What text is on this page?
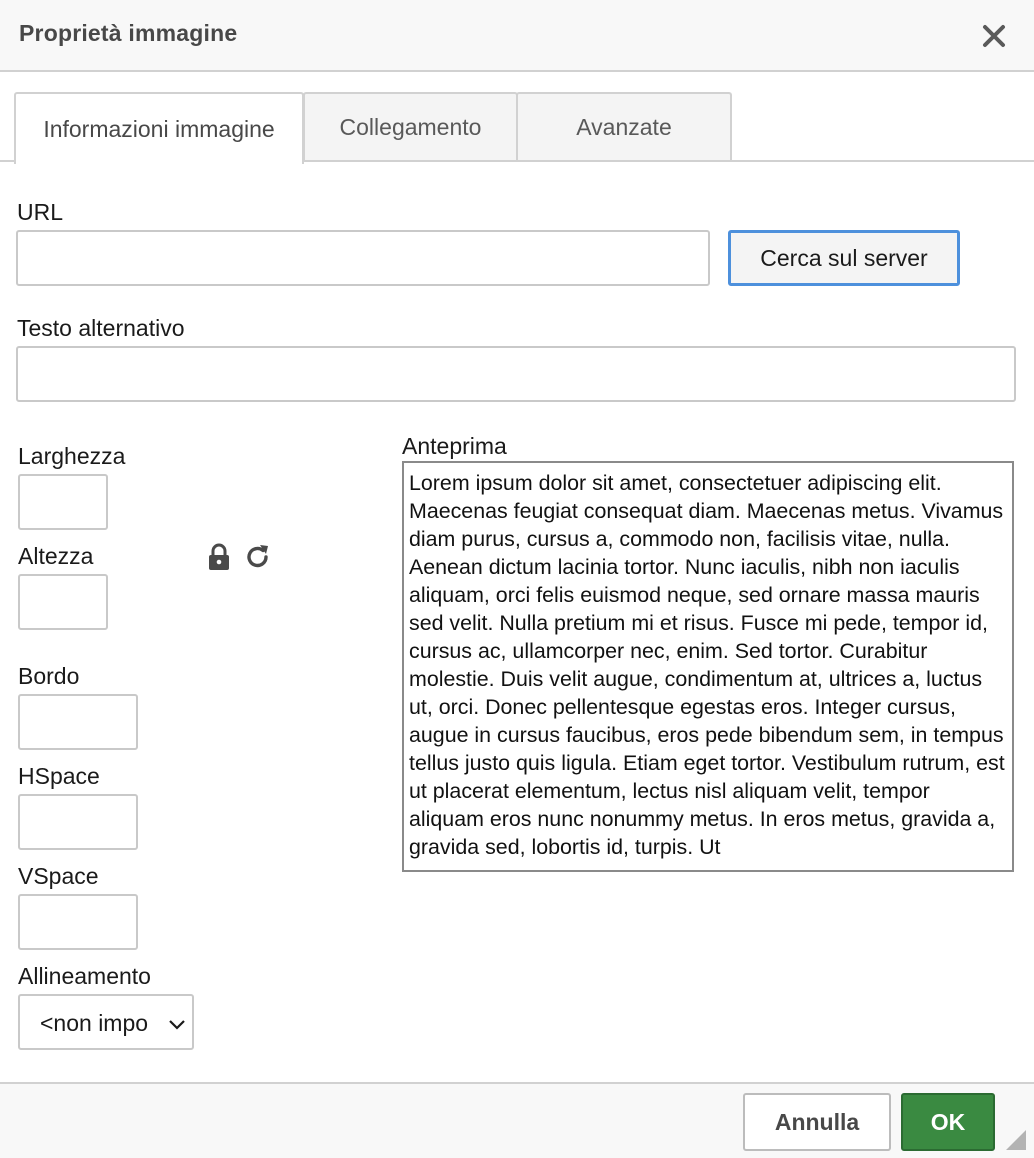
Proprietà immagine
Informazioni immagine	Collegamento	Avanzate
URL
Cerca sul server
Testo alternativo
Larghezza
Altezza
Bordo
HSpace
VSpace
Allineamento
<non impo
Anteprima
Lorem ipsum dolor sit amet, consectetuer adipiscing elit. Maecenas feugiat consequat diam. Maecenas metus. Vivamus diam purus, cursus a, commodo non, facilisis vitae, nulla. Aenean dictum lacinia tortor. Nunc iaculis, nibh non iaculis aliquam, orci felis euismod neque, sed ornare massa mauris sed velit. Nulla pretium mi et risus. Fusce mi pede, tempor id, cursus ac, ullamcorper nec, enim. Sed tortor. Curabitur molestie. Duis velit augue, condimentum at, ultrices a, luctus ut, orci. Donec pellentesque egestas eros. Integer cursus, augue in cursus faucibus, eros pede bibendum sem, in tempus tellus justo quis ligula. Etiam eget tortor. Vestibulum rutrum, est ut placerat elementum, lectus nisl aliquam velit, tempor aliquam eros nunc nonummy metus. In eros metus, gravida a, gravida sed, lobortis id, turpis. Ut
Annulla	OK
